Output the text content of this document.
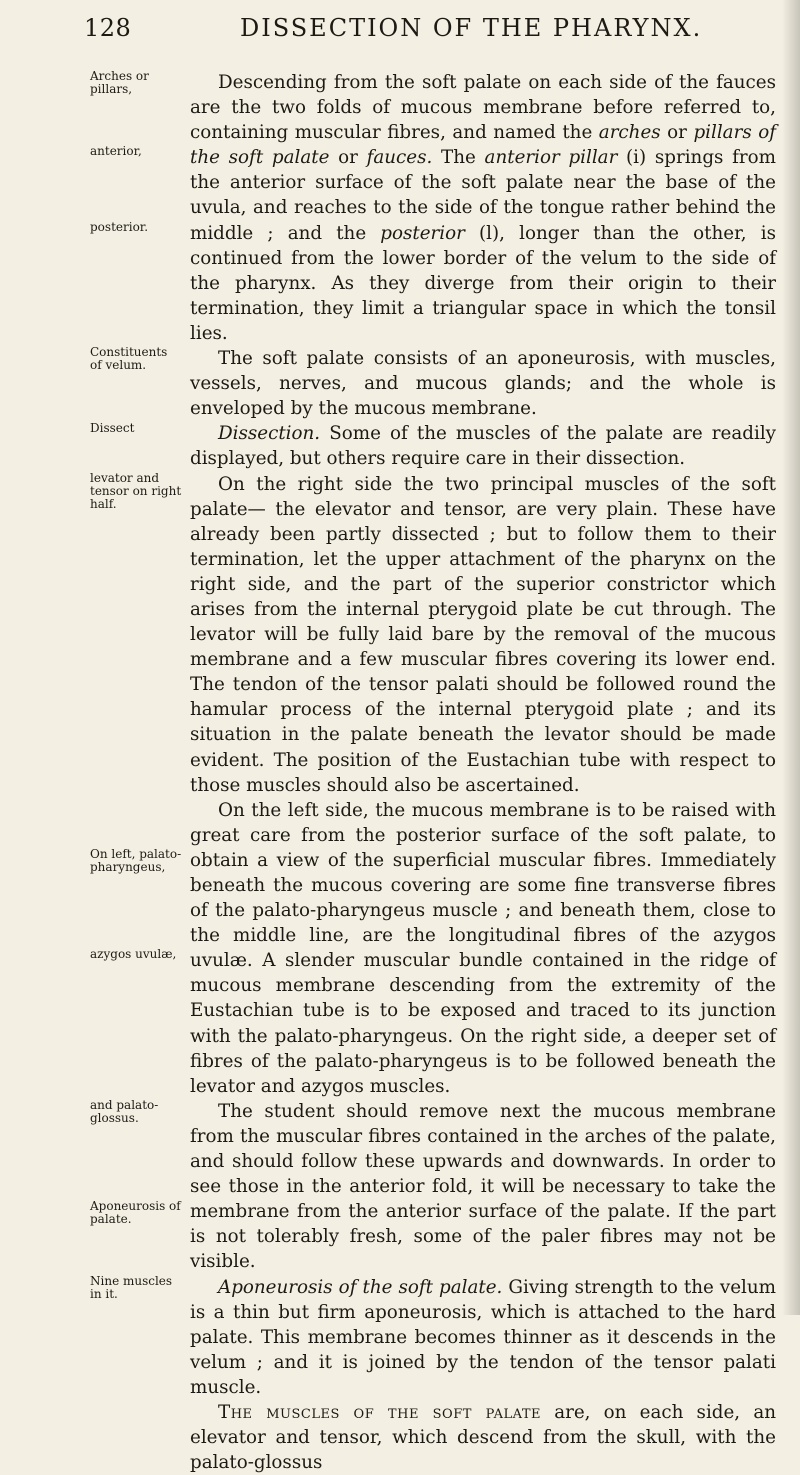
128	DISSECTION OF THE PHARYNX.
Arches or pillars,
anterior,
posterior.
Constituents of velum.
Dissect
levator and tensor on right half.
On left, palato-pharyngeus,
azygos uvulæ,
and palato-glossus.
Aponeurosis of palate.
Nine muscles in it.

Descending from the soft palate on each side of the fauces are the two folds of mucous membrane before referred to, containing muscular fibres, and named the arches or pillars of the soft palate or fauces. The anterior pillar (i) springs from the anterior surface of the soft palate near the base of the uvula, and reaches to the side of the tongue rather behind the middle ; and the posterior (l), longer than the other, is continued from the lower border of the velum to the side of the pharynx. As they diverge from their origin to their termination, they limit a triangular space in which the tonsil lies.

The soft palate consists of an aponeurosis, with muscles, vessels, nerves, and mucous glands; and the whole is enveloped by the mucous membrane.

Dissection. Some of the muscles of the palate are readily displayed, but others require care in their dissection.

On the right side the two principal muscles of the soft palate— the elevator and tensor, are very plain. These have already been partly dissected ; but to follow them to their termination, let the upper attachment of the pharynx on the right side, and the part of the superior constrictor which arises from the internal pterygoid plate be cut through. The levator will be fully laid bare by the removal of the mucous membrane and a few muscular fibres covering its lower end. The tendon of the tensor palati should be followed round the hamular process of the internal pterygoid plate ; and its situation in the palate beneath the levator should be made evident. The position of the Eustachian tube with respect to those muscles should also be ascertained.

On the left side, the mucous membrane is to be raised with great care from the posterior surface of the soft palate, to obtain a view of the superficial muscular fibres. Immediately beneath the mucous covering are some fine transverse fibres of the palato-pharyngeus muscle ; and beneath them, close to the middle line, are the longitudinal fibres of the azygos uvulæ. A slender muscular bundle contained in the ridge of mucous membrane descending from the extremity of the Eustachian tube is to be exposed and traced to its junction with the palato-pharyngeus. On the right side, a deeper set of fibres of the palato-pharyngeus is to be followed beneath the levator and azygos muscles.

The student should remove next the mucous membrane from the muscular fibres contained in the arches of the palate, and should follow these upwards and downwards. In order to see those in the anterior fold, it will be necessary to take the membrane from the anterior surface of the palate. If the part is not tolerably fresh, some of the paler fibres may not be visible.

Aponeurosis of the soft palate. Giving strength to the velum is a thin but firm aponeurosis, which is attached to the hard palate. This membrane becomes thinner as it descends in the velum ; and it is joined by the tendon of the tensor palati muscle.

The muscles of the soft palate are, on each side, an elevator and tensor, which descend from the skull, with the palato-glossus
